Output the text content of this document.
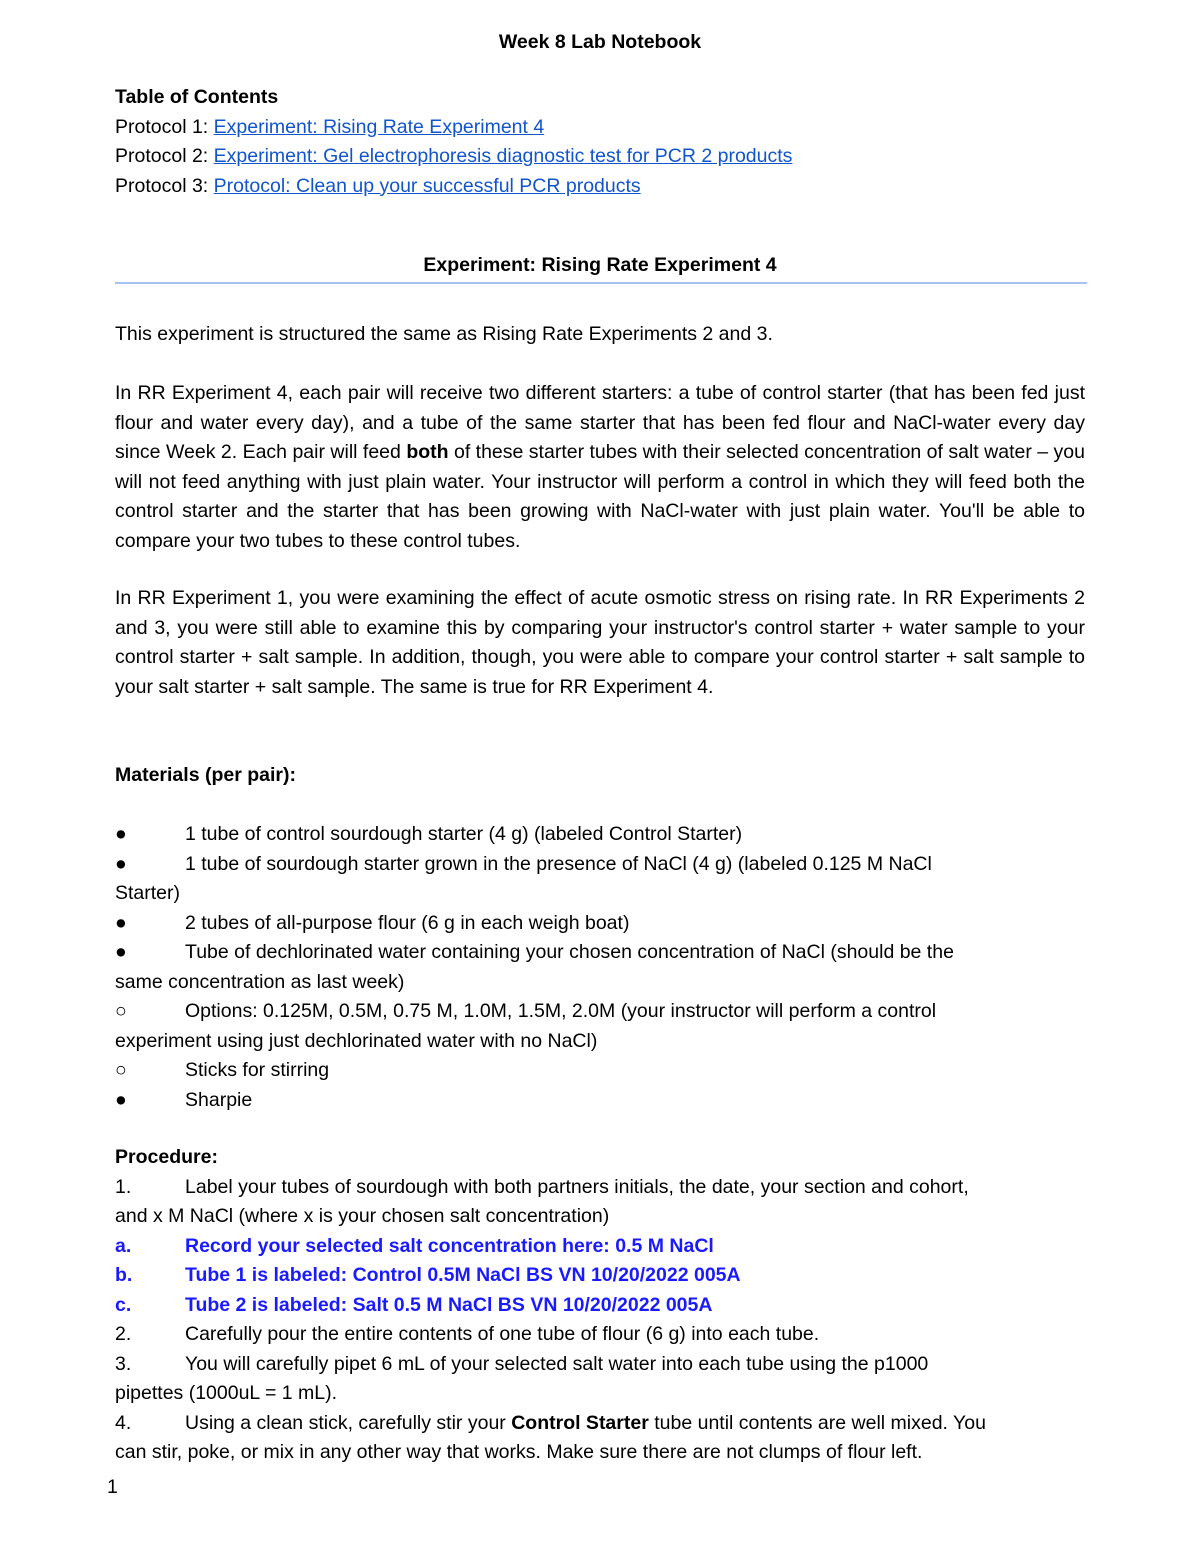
Week 8 Lab Notebook
Table of Contents
Protocol 1: Experiment: Rising Rate Experiment 4
Protocol 2: Experiment: Gel electrophoresis diagnostic test for PCR 2 products
Protocol 3: Protocol: Clean up your successful PCR products
Experiment: Rising Rate Experiment 4
This experiment is structured the same as Rising Rate Experiments 2 and 3.
In RR Experiment 4, each pair will receive two different starters: a tube of control starter (that has been fed just flour and water every day), and a tube of the same starter that has been fed flour and NaCl-water every day since Week 2. Each pair will feed both of these starter tubes with their selected concentration of salt water – you will not feed anything with just plain water. Your instructor will perform a control in which they will feed both the control starter and the starter that has been growing with NaCl-water with just plain water. You'll be able to compare your two tubes to these control tubes.
In RR Experiment 1, you were examining the effect of acute osmotic stress on rising rate. In RR Experiments 2 and 3, you were still able to examine this by comparing your instructor's control starter + water sample to your control starter + salt sample. In addition, though, you were able to compare your control starter + salt sample to your salt starter + salt sample. The same is true for RR Experiment 4.
Materials (per pair):
●	1 tube of control sourdough starter (4 g) (labeled Control Starter)
●	1 tube of sourdough starter grown in the presence of NaCl (4 g) (labeled 0.125 M NaCl
Starter)
●	2 tubes of all-purpose flour (6 g in each weigh boat)
●	Tube of dechlorinated water containing your chosen concentration of NaCl (should be the
same concentration as last week)
○	Options: 0.125M, 0.5M, 0.75 M, 1.0M, 1.5M, 2.0M (your instructor will perform a control
experiment using just dechlorinated water with no NaCl)
○	Sticks for stirring
●	Sharpie
Procedure:
1.	Label your tubes of sourdough with both partners initials, the date, your section and cohort,
and x M NaCl (where x is your chosen salt concentration)
a.	Record your selected salt concentration here: 0.5 M NaCl
b.	Tube 1 is labeled: Control 0.5M NaCl BS VN 10/20/2022 005A
c.	Tube 2 is labeled: Salt 0.5 M NaCl BS VN 10/20/2022 005A
2.	Carefully pour the entire contents of one tube of flour (6 g) into each tube.
3.	You will carefully pipet 6 mL of your selected salt water into each tube using the p1000
pipettes (1000uL = 1 mL).
4.	Using a clean stick, carefully stir your Control Starter tube until contents are well mixed. You
can stir, poke, or mix in any other way that works. Make sure there are not clumps of flour left.
1
